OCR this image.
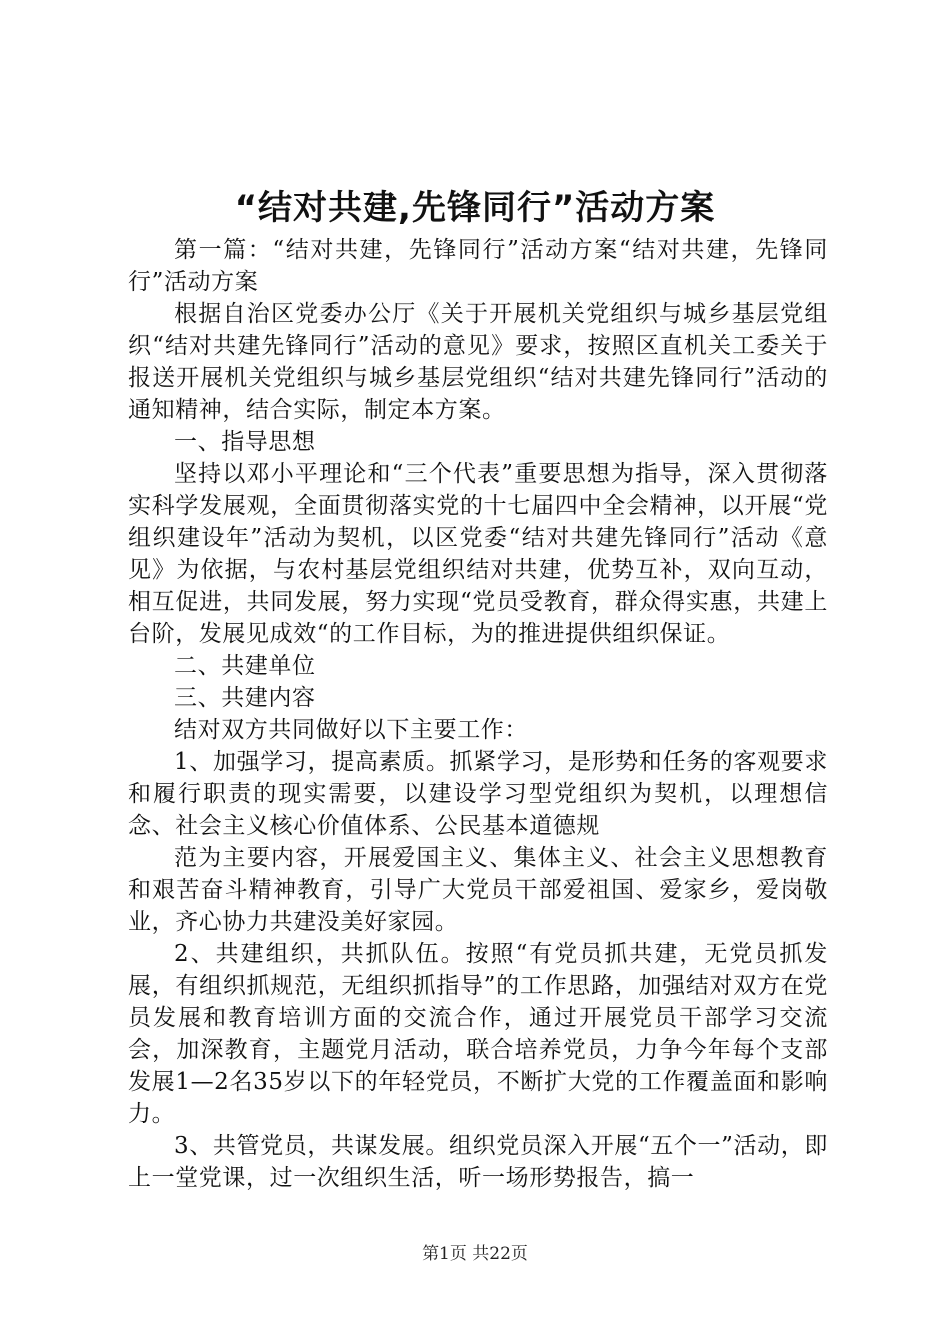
“结对共建,先锋同行”活动方案

第一篇：“结对共建，先锋同行”活动方案“结对共建，先锋同行”活动方案

根据自治区党委办公厅《关于开展机关党组织与城乡基层党组织“结对共建先锋同行”活动的意见》要求，按照区直机关工委关于报送开展机关党组织与城乡基层党组织“结对共建先锋同行”活动的通知精神，结合实际，制定本方案。

一、指导思想

坚持以邓小平理论和“三个代表”重要思想为指导，深入贯彻落实科学发展观，全面贯彻落实党的十七届四中全会精神，以开展“党组织建设年”活动为契机，以区党委“结对共建先锋同行”活动《意见》为依据，与农村基层党组织结对共建，优势互补，双向互动，相互促进，共同发展，努力实现“党员受教育，群众得实惠，共建上台阶，发展见成效“的工作目标，为的推进提供组织保证。

二、共建单位

三、共建内容

结对双方共同做好以下主要工作：

1、加强学习，提高素质。抓紧学习，是形势和任务的客观要求和履行职责的现实需要，以建设学习型党组织为契机，以理想信念、社会主义核心价值体系、公民基本道德规

范为主要内容，开展爱国主义、集体主义、社会主义思想教育和艰苦奋斗精神教育，引导广大党员干部爱祖国、爱家乡，爱岗敬业，齐心协力共建没美好家园。

2、共建组织，共抓队伍。按照“有党员抓共建，无党员抓发展，有组织抓规范，无组织抓指导”的工作思路，加强结对双方在党员发展和教育培训方面的交流合作，通过开展党员干部学习交流会，加深教育，主题党月活动，联合培养党员，力争今年每个支部发展1—2名35岁以下的年轻党员，不断扩大党的工作覆盖面和影响力。

3、共管党员，共谋发展。组织党员深入开展“五个一”活动，即上一堂党课，过一次组织生活，听一场形势报告，搞一

第1页 共22页
